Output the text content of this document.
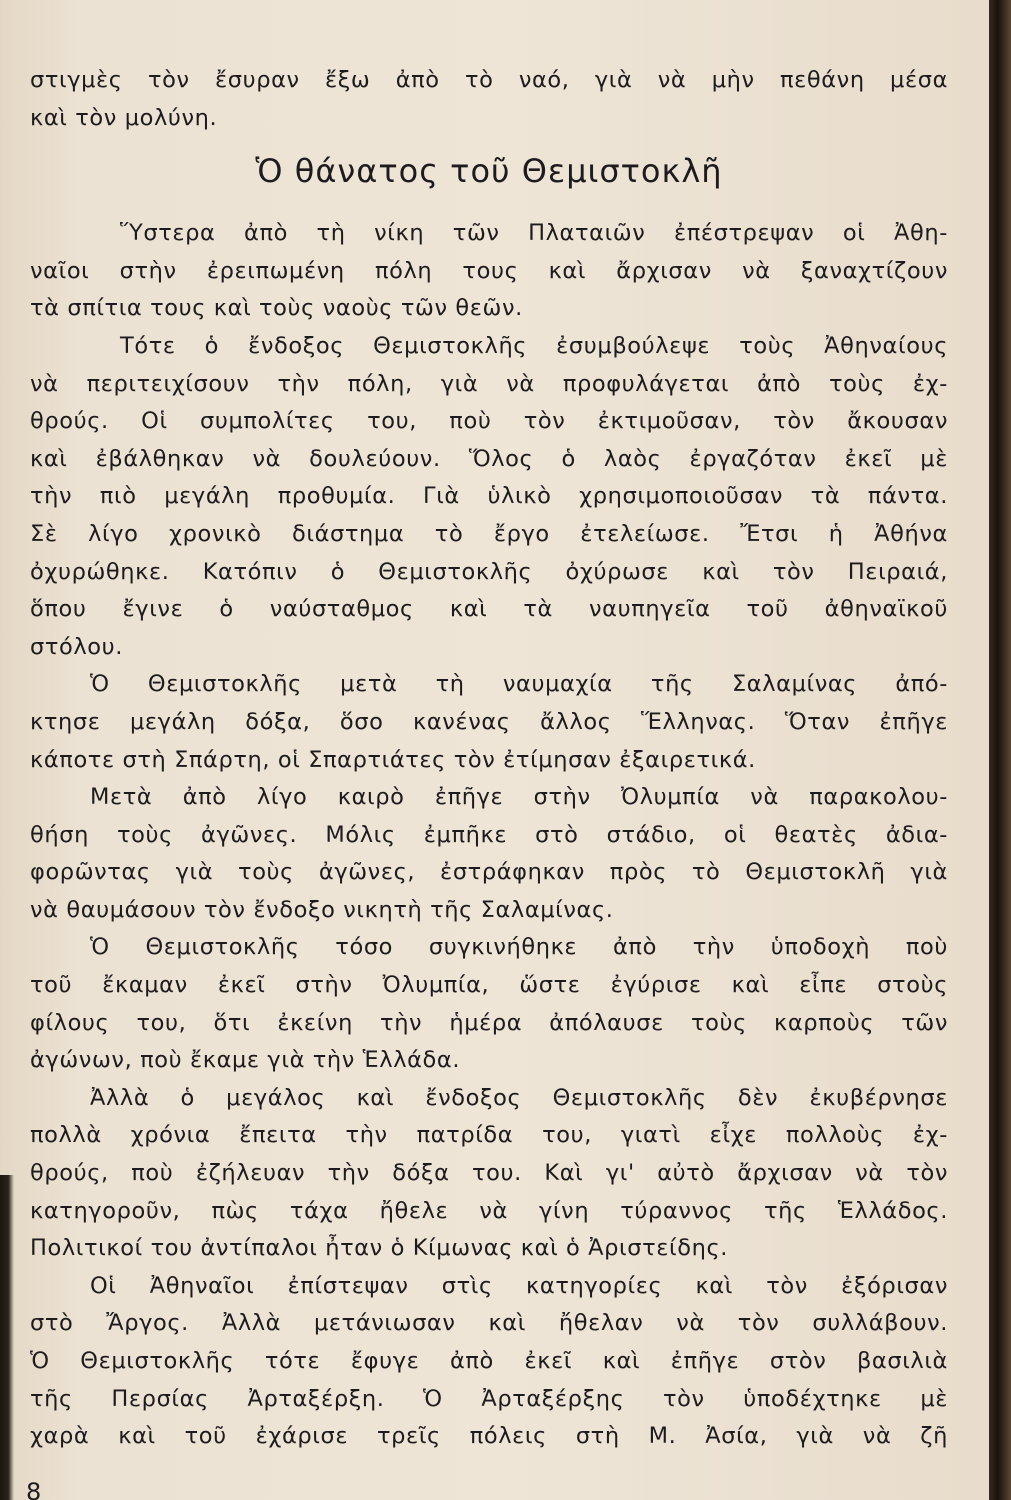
στιγμὲς τὸν ἔσυραν ἔξω ἀπὸ τὸ ναό, γιὰ νὰ μὴν πεθάνη μέσα
καὶ τὸν μολύνη.
Ὁ θάνατος τοῦ Θεμιστοκλῆ
Ὕστερα ἀπὸ τὴ νίκη τῶν Πλαταιῶν ἐπέστρεψαν οἱ Ἀθη-
ναῖοι στὴν ἐρειπωμένη πόλη τους καὶ ἄρχισαν νὰ ξαναχτίζουν
τὰ σπίτια τους καὶ τοὺς ναοὺς τῶν θεῶν.
Τότε ὁ ἔνδοξος Θεμιστοκλῆς ἐσυμβούλεψε τοὺς Ἀθηναίους
νὰ περιτειχίσουν τὴν πόλη, γιὰ νὰ προφυλάγεται ἀπὸ τοὺς ἐχ-
θρούς. Οἱ συμπολίτες του, ποὺ τὸν ἐκτιμοῦσαν, τὸν ἄκουσαν
καὶ ἐβάλθηκαν νὰ δουλεύουν. Ὅλος ὁ λαὸς ἐργαζόταν ἐκεῖ μὲ
τὴν πιὸ μεγάλη προθυμία. Γιὰ ὑλικὸ χρησιμοποιοῦσαν τὰ πάντα.
Σὲ λίγο χρονικὸ διάστημα τὸ ἔργο ἐτελείωσε. Ἔτσι ἡ Ἀθήνα
ὀχυρώθηκε. Κατόπιν ὁ Θεμιστοκλῆς ὀχύρωσε καὶ τὸν Πειραιά,
ὅπου ἔγινε ὁ ναύσταθμος καὶ τὰ ναυπηγεῖα τοῦ ἀθηναϊκοῦ
στόλου.
Ὁ Θεμιστοκλῆς μετὰ τὴ ναυμαχία τῆς Σαλαμίνας ἀπό-
κτησε μεγάλη δόξα, ὅσο κανένας ἄλλος Ἕλληνας. Ὅταν ἐπῆγε
κάποτε στὴ Σπάρτη, οἱ Σπαρτιάτες τὸν ἐτίμησαν ἐξαιρετικά.
Μετὰ ἀπὸ λίγο καιρὸ ἐπῆγε στὴν Ὀλυμπία νὰ παρακολου-
θήση τοὺς ἀγῶνες. Μόλις ἐμπῆκε στὸ στάδιο, οἱ θεατὲς ἀδια-
φορῶντας γιὰ τοὺς ἀγῶνες, ἐστράφηκαν πρὸς τὸ Θεμιστοκλῆ γιὰ
νὰ θαυμάσουν τὸν ἔνδοξο νικητὴ τῆς Σαλαμίνας.
Ὁ Θεμιστοκλῆς τόσο συγκινήθηκε ἀπὸ τὴν ὑποδοχὴ ποὺ
τοῦ ἔκαμαν ἐκεῖ στὴν Ὀλυμπία, ὥστε ἐγύρισε καὶ εἶπε στοὺς
φίλους του, ὅτι ἐκείνη τὴν ἡμέρα ἀπόλαυσε τοὺς καρποὺς τῶν
ἀγώνων, ποὺ ἔκαμε γιὰ τὴν Ἑλλάδα.
Ἀλλὰ ὁ μεγάλος καὶ ἔνδοξος Θεμιστοκλῆς δὲν ἐκυβέρνησε
πολλὰ χρόνια ἔπειτα τὴν πατρίδα του, γιατὶ εἶχε πολλοὺς ἐχ-
θρούς, ποὺ ἐζήλευαν τὴν δόξα του. Καὶ γι' αὐτὸ ἄρχισαν νὰ τὸν
κατηγοροῦν, πὼς τάχα ἤθελε νὰ γίνη τύραννος τῆς Ἑλλάδος.
Πολιτικοί του ἀντίπαλοι ἦταν ὁ Κίμωνας καὶ ὁ Ἀριστείδης.
Οἱ Ἀθηναῖοι ἐπίστεψαν στὶς κατηγορίες καὶ τὸν ἐξόρισαν
στὸ Ἄργος. Ἀλλὰ μετάνιωσαν καὶ ἤθελαν νὰ τὸν συλλάβουν.
Ὁ Θεμιστοκλῆς τότε ἔφυγε ἀπὸ ἐκεῖ καὶ ἐπῆγε στὸν βασιλιὰ
τῆς Περσίας Ἀρταξέρξη. Ὁ Ἀρταξέρξης τὸν ὑποδέχτηκε μὲ
χαρὰ καὶ τοῦ ἐχάρισε τρεῖς πόλεις στὴ Μ. Ἀσία, γιὰ νὰ ζῆ
8
